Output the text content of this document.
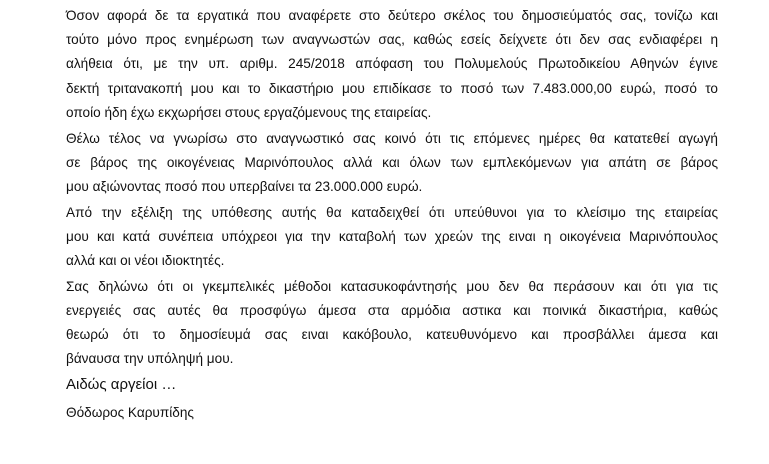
Όσον αφορά δε τα εργατικά που αναφέρετε στο δεύτερο σκέλος του δημοσιεύματός σας, τονίζω και
τούτο μόνο προς ενημέρωση των αναγνωστών σας, καθώς εσείς δείχνετε ότι δεν σας ενδιαφέρει η
αλήθεια ότι, με την υπ. αριθμ. 245/2018 απόφαση του Πολυμελούς Πρωτοδικείου Αθηνών έγινε
δεκτή τριτανακοπή μου και το δικαστήριο μου επιδίκασε το ποσό των 7.483.000,00 ευρώ, ποσό το
οποίο ήδη έχω εκχωρήσει στους εργαζόμενους της εταιρείας.

Θέλω τέλος να γνωρίσω στο αναγνωστικό σας κοινό ότι τις επόμενες ημέρες θα κατατεθεί αγωγή
σε βάρος της οικογένειας Μαρινόπουλος αλλά και όλων των εμπλεκόμενων για απάτη σε βάρος
μου αξιώνοντας ποσό που υπερβαίνει τα 23.000.000 ευρώ.

Από την εξέλιξη της υπόθεσης αυτής θα καταδειχθεί ότι υπεύθυνοι για το κλείσιμο της εταιρείας
μου και κατά συνέπεια υπόχρεοι για την καταβολή των χρεών της ειναι η οικογένεια Μαρινόπουλος
αλλά και οι νέοι ιδιοκτητές.

Σας δηλώνω ότι οι γκεμπελικές μέθοδοι κατασυκοφάντησής μου δεν θα περάσουν και ότι για τις
ενεργειές σας αυτές θα προσφύγω άμεσα στα αρμόδια αστικα και ποινικά δικαστήρια, καθώς
θεωρώ ότι το δημοσίευμά σας ειναι κακόβουλο, κατευθυνόμενο και προσβάλλει άμεσα και
βάναυσα την υπόληψή μου.

Αιδώς αργείοι …

Θόδωρος Καρυπίδης
